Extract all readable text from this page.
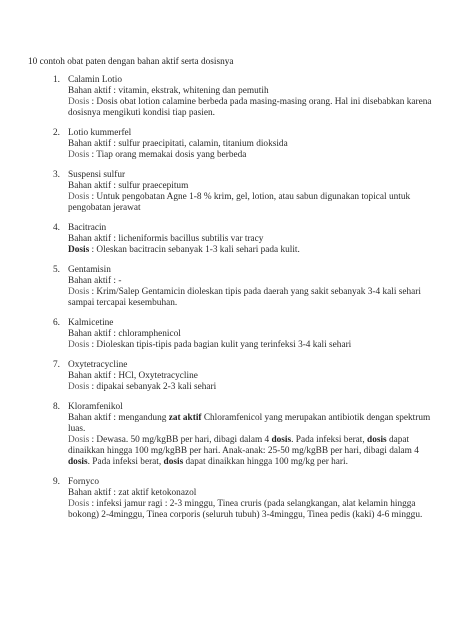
10 contoh obat paten dengan bahan aktif serta dosisnya
1. Calamin Lotio
Bahan aktif : vitamin, ekstrak, whitening dan pemutih
Dosis : Dosis obat lotion calamine berbeda pada masing-masing orang. Hal ini disebabkan karena dosisnya mengikuti kondisi tiap pasien.
2. Lotio kummerfel
Bahan aktif : sulfur praecipitati, calamin, titanium dioksida
Dosis : Tiap orang memakai dosis yang berbeda
3. Suspensi sulfur
Bahan aktif : sulfur praecepitum
Dosis : Untuk pengobatan Agne 1-8 % krim, gel, lotion, atau sabun digunakan topical untuk pengobatan jerawat
4. Bacitracin
Bahan aktif : licheniformis bacillus subtilis var tracy
Dosis : Oleskan bacitracin sebanyak 1-3 kali sehari pada kulit.
5. Gentamisin
Bahan aktif : -
Dosis : Krim/Salep Gentamicin dioleskan tipis pada daerah yang sakit sebanyak 3-4 kali sehari sampai tercapai kesembuhan.
6. Kalmicetine
Bahan aktif : chloramphenicol
Dosis : Dioleskan tipis-tipis pada bagian kulit yang terinfeksi 3-4 kali sehari
7. Oxytetracycline
Bahan aktif : HCl, Oxytetracycline
Dosis : dipakai sebanyak 2-3 kali sehari
8. Kloramfenikol
Bahan aktif : mengandung zat aktif Chloramfenicol yang merupakan antibiotik dengan spektrum luas.
Dosis : Dewasa. 50 mg/kgBB per hari, dibagi dalam 4 dosis. Pada infeksi berat, dosis dapat dinaikkan hingga 100 mg/kgBB per hari. Anak-anak: 25-50 mg/kgBB per hari, dibagi dalam 4 dosis. Pada infeksi berat, dosis dapat dinaikkan hingga 100 mg/kg per hari.
9. Fornyco
Bahan aktif : zat aktif ketokonazol
Dosis : infeksi jamur ragi : 2-3 minggu, Tinea cruris (pada selangkangan, alat kelamin hingga bokong) 2-4minggu, Tinea corporis (seluruh tubuh) 3-4minggu, Tinea pedis (kaki) 4-6 minggu.
